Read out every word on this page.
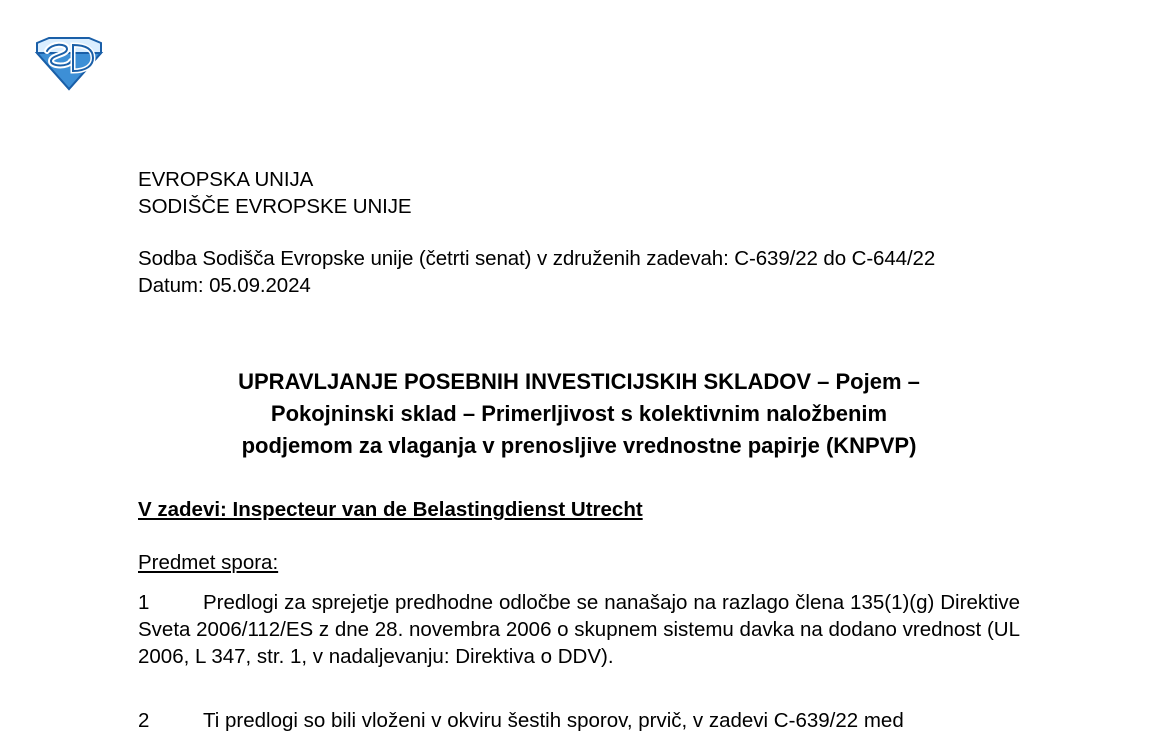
EVROPSKA UNIJA
SODIŠČE EVROPSKE UNIJE
Sodba Sodišča Evropske unije (četrti senat) v združenih zadevah: C-639/22 do C-644/22
Datum: 05.09.2024
UPRAVLJANJE POSEBNIH INVESTICIJSKIH SKLADOV – Pojem –
Pokojninski sklad – Primerljivost s kolektivnim naložbenim
podjemom za vlaganja v prenosljive vrednostne papirje (KNPVP)
V zadevi: Inspecteur van de Belastingdienst Utrecht
Predmet spora:
1	Predlogi za sprejetje predhodne odločbe se nanašajo na razlago člena 135(1)(g) Direktive Sveta 2006/112/ES z dne 28. novembra 2006 o skupnem sistemu davka na dodano vrednost (UL 2006, L 347, str. 1, v nadaljevanju: Direktiva o DDV).
2	Ti predlogi so bili vloženi v okviru šestih sporov, prvič, v zadevi C-639/22 med
